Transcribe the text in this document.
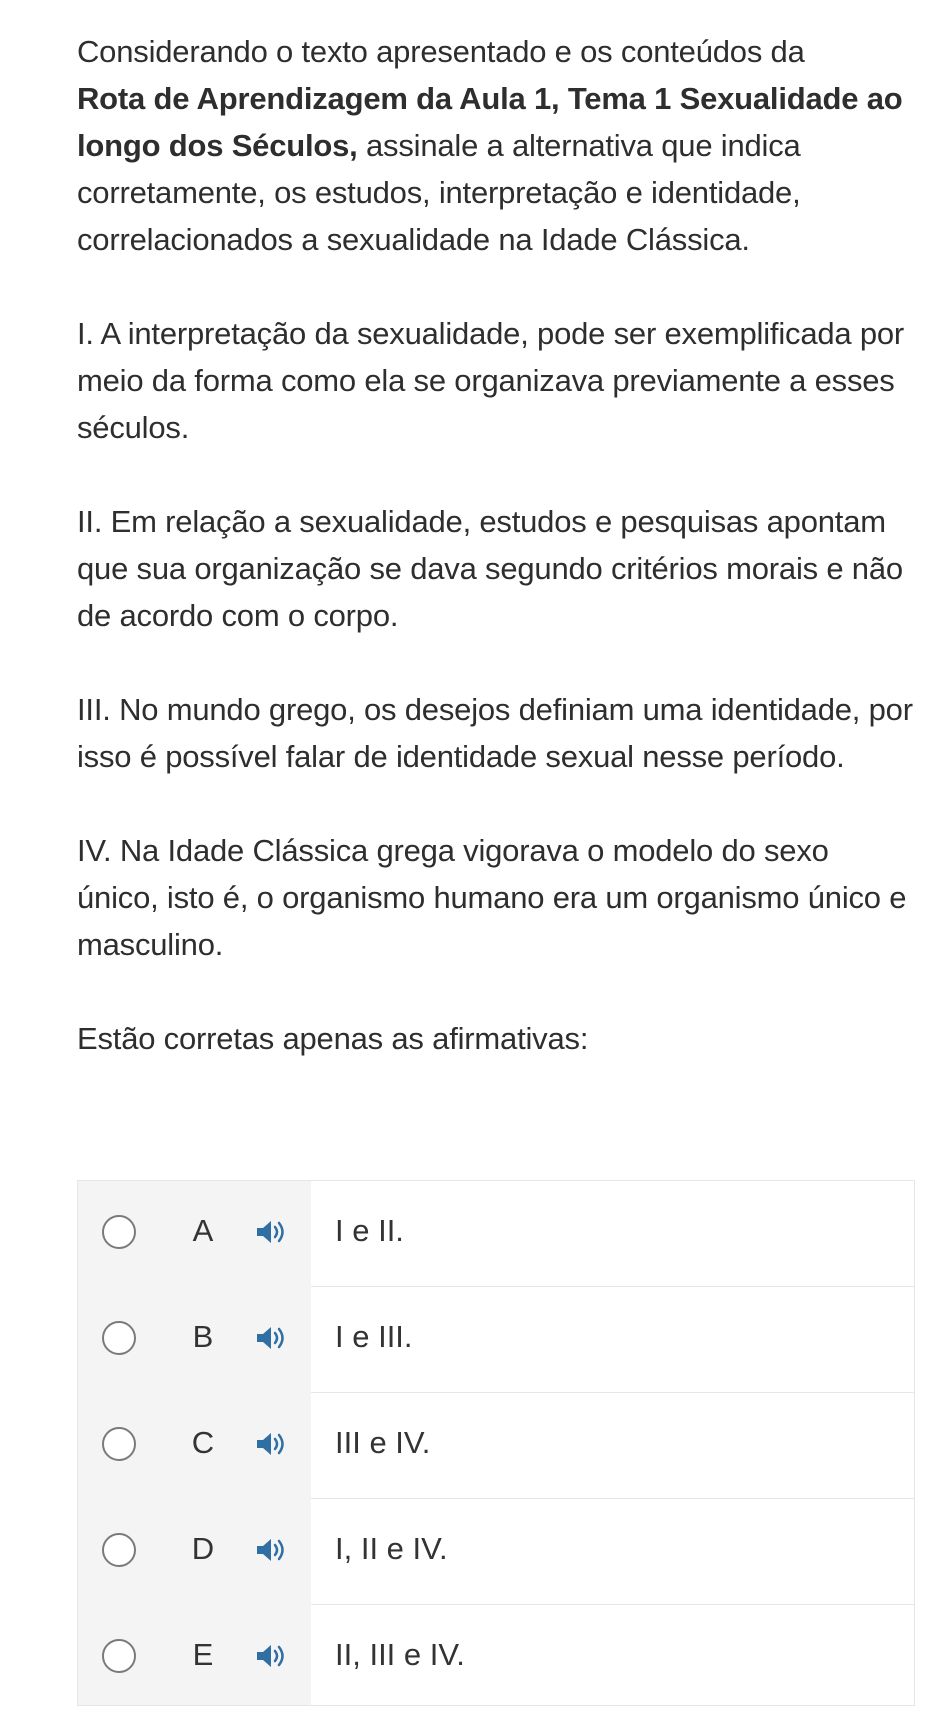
Considerando o texto apresentado e os conteúdos da
Rota de Aprendizagem da Aula 1, Tema 1 Sexualidade ao longo dos Séculos, assinale a alternativa que indica corretamente, os estudos, interpretação e identidade, correlacionados a sexualidade na Idade Clássica.

I. A interpretação da sexualidade, pode ser exemplificada por meio da forma como ela se organizava previamente a esses séculos.

II. Em relação a sexualidade, estudos e pesquisas apontam que sua organização se dava segundo critérios morais e não de acordo com o corpo.

III. No mundo grego, os desejos definiam uma identidade, por isso é possível falar de identidade sexual nesse período.

IV. Na Idade Clássica grega vigorava o modelo do sexo único, isto é, o organismo humano era um organismo único e masculino.

Estão corretas apenas as afirmativas:

A	I e II.
B	I e III.
C	III e IV.
D	I, II e IV.
E	II, III e IV.
